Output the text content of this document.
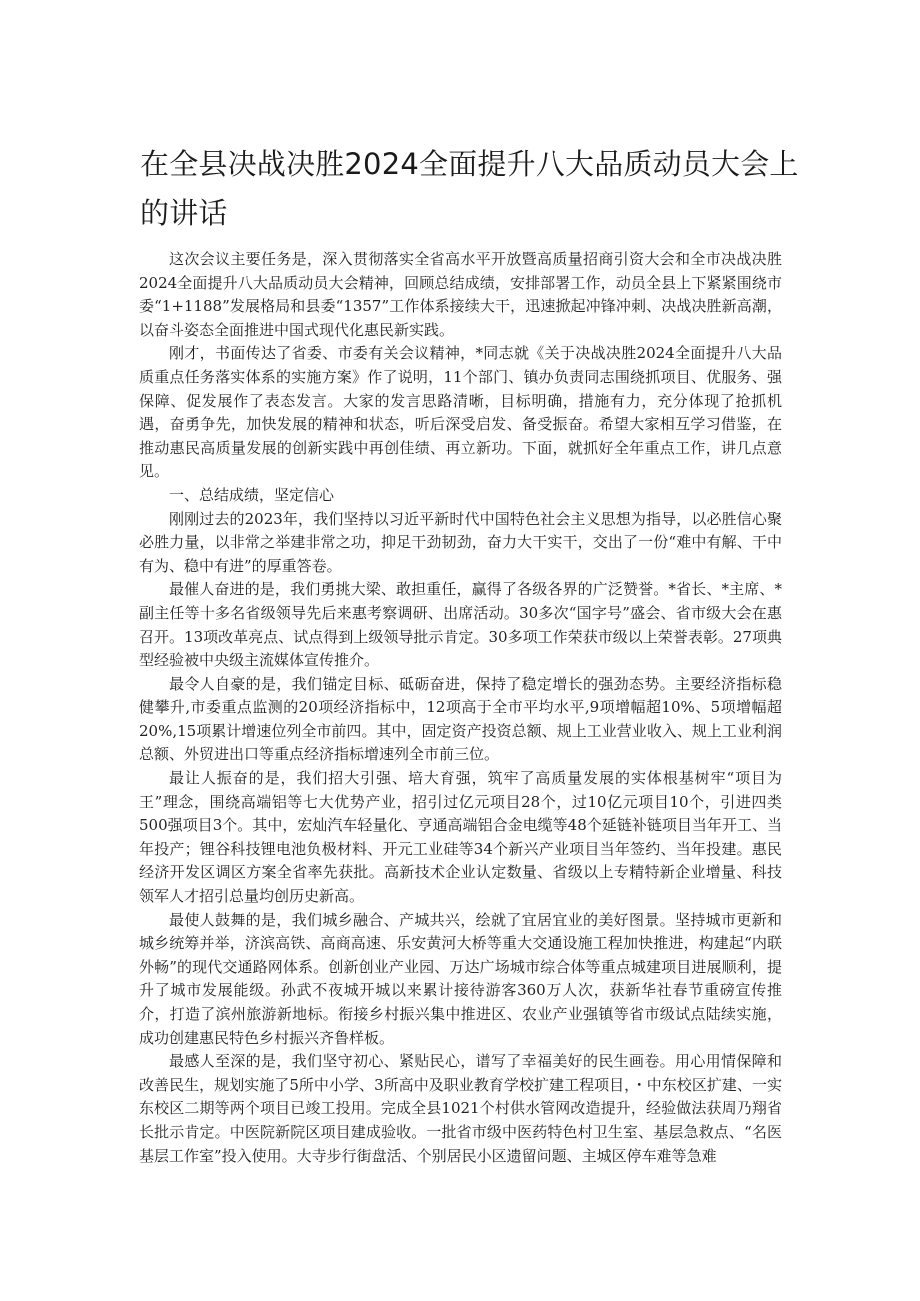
在全县决战决胜2024全面提升八大品质动员大会上的讲话

这次会议主要任务是，深入贯彻落实全省高水平开放暨高质量招商引资大会和全市决战决胜2024全面提升八大品质动员大会精神，回顾总结成绩，安排部署工作，动员全县上下紧紧围绕市委“1+1188”发展格局和县委“1357”工作体系接续大干，迅速掀起冲锋冲刺、决战决胜新高潮，以奋斗姿态全面推进中国式现代化惠民新实践。

刚才，书面传达了省委、市委有关会议精神，*同志就《关于决战决胜2024全面提升八大品质重点任务落实体系的实施方案》作了说明，11个部门、镇办负责同志围绕抓项目、优服务、强保障、促发展作了表态发言。大家的发言思路清晰，目标明确，措施有力，充分体现了抢抓机遇，奋勇争先，加快发展的精神和状态，听后深受启发、备受振奋。希望大家相互学习借鉴，在推动惠民高质量发展的创新实践中再创佳绩、再立新功。下面，就抓好全年重点工作，讲几点意见。

一、总结成绩，坚定信心

刚刚过去的2023年，我们坚持以习近平新时代中国特色社会主义思想为指导，以必胜信心聚必胜力量，以非常之举建非常之功，抑足干劲韧劲，奋力大干实干，交出了一份“难中有解、干中有为、稳中有进”的厚重答卷。

最催人奋进的是，我们勇挑大梁、敢担重任，赢得了各级各界的广泛赞誉。*省长、*主席、*副主任等十多名省级领导先后来惠考察调研、出席活动。30多次“国字号”盛会、省市级大会在惠召开。13项改革亮点、试点得到上级领导批示肯定。30多项工作荣获市级以上荣誉表彰。27项典型经验被中央级主流媒体宣传推介。

最令人自豪的是，我们锚定目标、砥砺奋进，保持了稳定增长的强劲态势。主要经济指标稳健攀升,市委重点监测的20项经济指标中，12项高于全市平均水平,9项增幅超10%、5项增幅超20%,15项累计增速位列全市前四。其中，固定资产投资总额、规上工业营业收入、规上工业利润总额、外贸进出口等重点经济指标增速列全市前三位。

最让人振奋的是，我们招大引强、培大育强，筑牢了高质量发展的实体根基树牢“项目为王”理念，围绕高端铝等七大优势产业，招引过亿元项目28个，过10亿元项目10个，引进四类500强项目3个。其中，宏灿汽车轻量化、亨通高端铝合金电缆等48个延链补链项目当年开工、当年投产；锂谷科技锂电池负极材料、开元工业硅等34个新兴产业项目当年签约、当年投建。惠民经济开发区调区方案全省率先获批。高新技术企业认定数量、省级以上专精特新企业增量、科技领军人才招引总量均创历史新高。

最使人鼓舞的是，我们城乡融合、产城共兴，绘就了宜居宜业的美好图景。坚持城市更新和城乡统筹并举，济滨高铁、高商高速、乐安黄河大桥等重大交通设施工程加快推进，构建起“内联外畅”的现代交通路网体系。创新创业产业园、万达广场城市综合体等重点城建项目进展顺利，提升了城市发展能级。孙武不夜城开城以来累计接待游客360万人次，获新华社春节重磅宣传推介，打造了滨州旅游新地标。衔接乡村振兴集中推进区、农业产业强镇等省市级试点陆续实施，成功创建惠民特色乡村振兴齐鲁样板。

最感人至深的是，我们坚守初心、紧贴民心，谱写了幸福美好的民生画卷。用心用情保障和改善民生，规划实施了5所中小学、3所高中及职业教育学校扩建工程项目，・中东校区扩建、一实东校区二期等两个项目已竣工投用。完成全县1021个村供水管网改造提升，经验做法获周乃翔省长批示肯定。中医院新院区项目建成验收。一批省市级中医药特色村卫生室、基层急救点、“名医基层工作室”投入使用。大寺步行街盘活、个别居民小区遗留问题、主城区停车难等急难
